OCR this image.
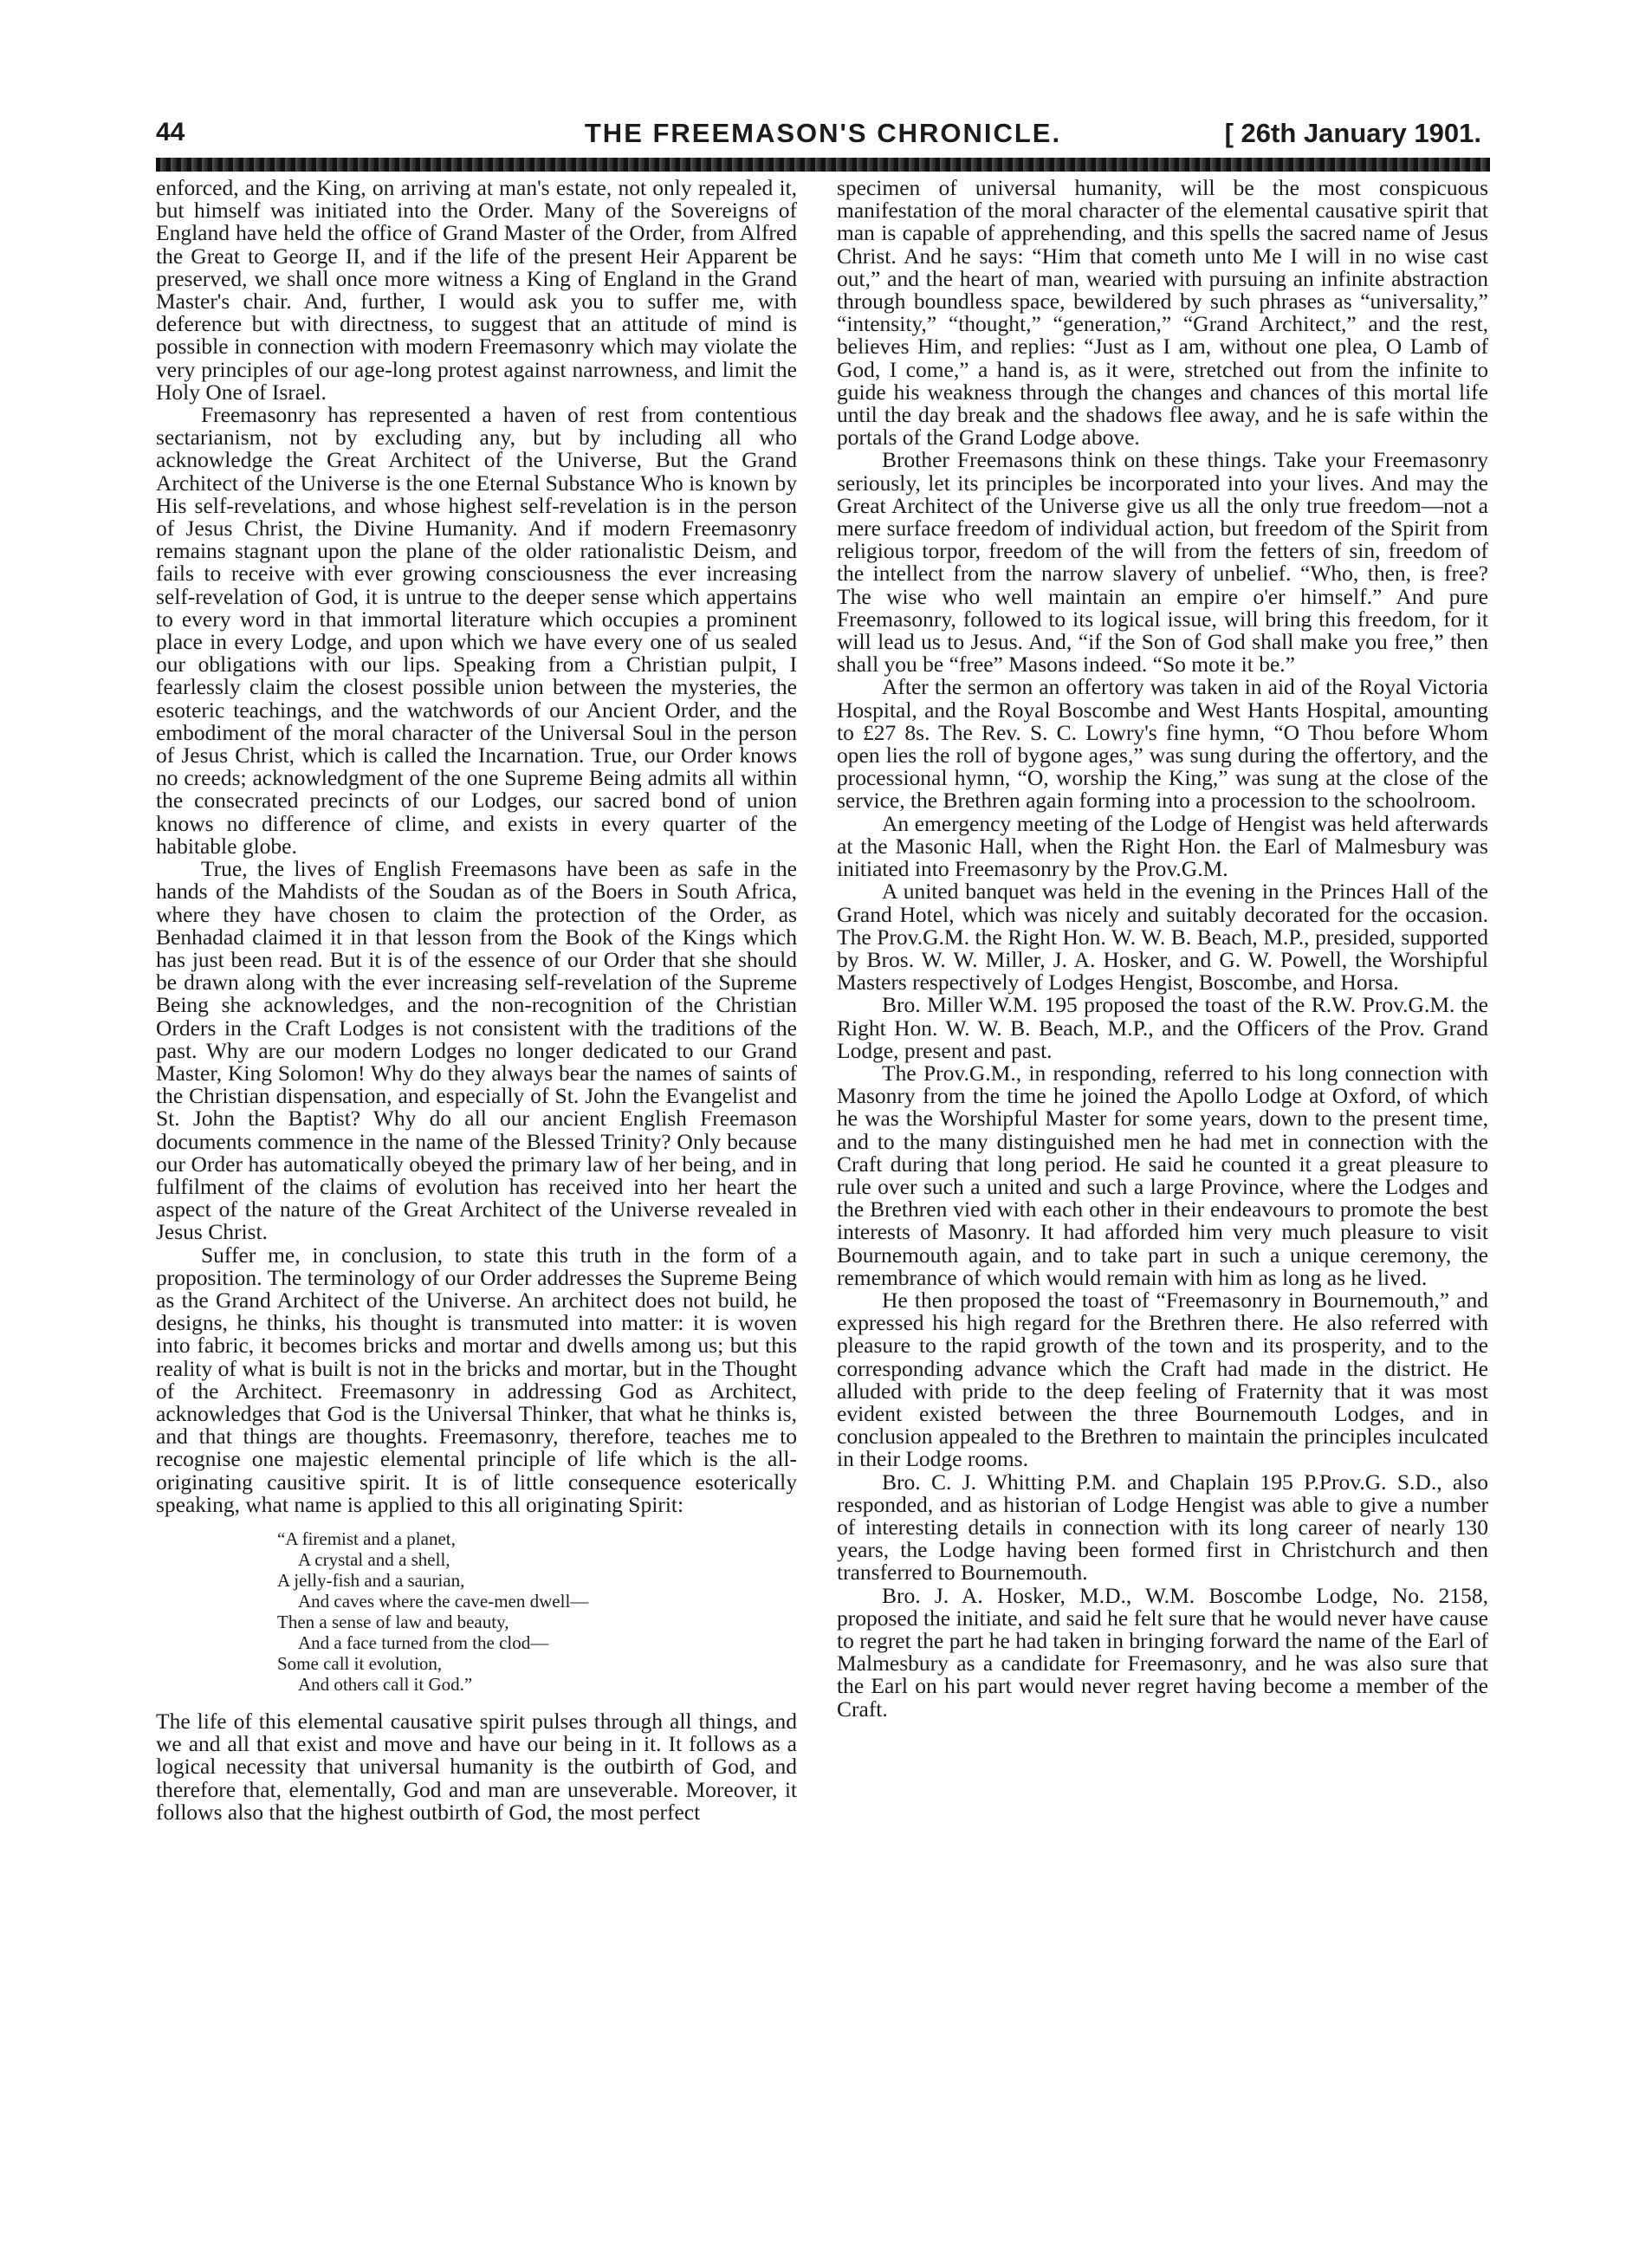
44	THE FREEMASON'S CHRONICLE.	[ 26th January 1901.

enforced, and the King, on arriving at man's estate, not only repealed it, but himself was initiated into the Order. Many of the Sovereigns of England have held the office of Grand Master of the Order, from Alfred the Great to George II, and if the life of the present Heir Apparent be preserved, we shall once more witness a King of England in the Grand Master's chair. And, further, I would ask you to suffer me, with deference but with directness, to suggest that an attitude of mind is possible in connection with modern Freemasonry which may violate the very principles of our age-long protest against narrowness, and limit the Holy One of Israel.

Freemasonry has represented a haven of rest from contentious sectarianism, not by excluding any, but by including all who acknowledge the Great Architect of the Universe, But the Grand Architect of the Universe is the one Eternal Substance Who is known by His self-revelations, and whose highest self-revelation is in the person of Jesus Christ, the Divine Humanity. And if modern Freemasonry remains stagnant upon the plane of the older rationalistic Deism, and fails to receive with ever growing consciousness the ever increasing self-revelation of God, it is untrue to the deeper sense which appertains to every word in that immortal literature which occupies a prominent place in every Lodge, and upon which we have every one of us sealed our obligations with our lips. Speaking from a Christian pulpit, I fearlessly claim the closest possible union between the mysteries, the esoteric teachings, and the watchwords of our Ancient Order, and the embodiment of the moral character of the Universal Soul in the person of Jesus Christ, which is called the Incarnation. True, our Order knows no creeds; acknowledgment of the one Supreme Being admits all within the consecrated precincts of our Lodges, our sacred bond of union knows no difference of clime, and exists in every quarter of the habitable globe.

True, the lives of English Freemasons have been as safe in the hands of the Mahdists of the Soudan as of the Boers in South Africa, where they have chosen to claim the protection of the Order, as Benhadad claimed it in that lesson from the Book of the Kings which has just been read. But it is of the essence of our Order that she should be drawn along with the ever increasing self-revelation of the Supreme Being she acknowledges, and the non-recognition of the Christian Orders in the Craft Lodges is not consistent with the traditions of the past. Why are our modern Lodges no longer dedicated to our Grand Master, King Solomon! Why do they always bear the names of saints of the Christian dispensation, and especially of St. John the Evangelist and St. John the Baptist? Why do all our ancient English Freemason documents commence in the name of the Blessed Trinity? Only because our Order has automatically obeyed the primary law of her being, and in fulfilment of the claims of evolution has received into her heart the aspect of the nature of the Great Architect of the Universe revealed in Jesus Christ.

Suffer me, in conclusion, to state this truth in the form of a proposition. The terminology of our Order addresses the Supreme Being as the Grand Architect of the Universe. An architect does not build, he designs, he thinks, his thought is transmuted into matter: it is woven into fabric, it becomes bricks and mortar and dwells among us; but this reality of what is built is not in the bricks and mortar, but in the Thought of the Architect. Freemasonry in addressing God as Architect, acknowledges that God is the Universal Thinker, that what he thinks is, and that things are thoughts. Freemasonry, therefore, teaches me to recognise one majestic elemental principle of life which is the all-originating causitive spirit. It is of little consequence esoterically speaking, what name is applied to this all originating Spirit:

“A firemist and a planet,
A crystal and a shell,
A jelly-fish and a saurian,
And caves where the cave-men dwell—
Then a sense of law and beauty,
And a face turned from the clod—
Some call it evolution,
And others call it God.”

The life of this elemental causative spirit pulses through all things, and we and all that exist and move and have our being in it. It follows as a logical necessity that universal humanity is the outbirth of God, and therefore that, elementally, God and man are unseverable. Moreover, it follows also that the highest outbirth of God, the most perfect

specimen of universal humanity, will be the most conspicuous manifestation of the moral character of the elemental causative spirit that man is capable of apprehending, and this spells the sacred name of Jesus Christ. And he says: “Him that cometh unto Me I will in no wise cast out,” and the heart of man, wearied with pursuing an infinite abstraction through boundless space, bewildered by such phrases as “universality,” “intensity,” “thought,” “generation,” “Grand Architect,” and the rest, believes Him, and replies: “Just as I am, without one plea, O Lamb of God, I come,” a hand is, as it were, stretched out from the infinite to guide his weakness through the changes and chances of this mortal life until the day break and the shadows flee away, and he is safe within the portals of the Grand Lodge above.

Brother Freemasons think on these things. Take your Freemasonry seriously, let its principles be incorporated into your lives. And may the Great Architect of the Universe give us all the only true freedom—not a mere surface freedom of individual action, but freedom of the Spirit from religious torpor, freedom of the will from the fetters of sin, freedom of the intellect from the narrow slavery of unbelief. “Who, then, is free? The wise who well maintain an empire o'er himself.” And pure Freemasonry, followed to its logical issue, will bring this freedom, for it will lead us to Jesus. And, “if the Son of God shall make you free,” then shall you be “free” Masons indeed. “So mote it be.”

After the sermon an offertory was taken in aid of the Royal Victoria Hospital, and the Royal Boscombe and West Hants Hospital, amounting to £27 8s. The Rev. S. C. Lowry's fine hymn, “O Thou before Whom open lies the roll of bygone ages,” was sung during the offertory, and the processional hymn, “O, worship the King,” was sung at the close of the service, the Brethren again forming into a procession to the schoolroom.

An emergency meeting of the Lodge of Hengist was held afterwards at the Masonic Hall, when the Right Hon. the Earl of Malmesbury was initiated into Freemasonry by the Prov.G.M.

A united banquet was held in the evening in the Princes Hall of the Grand Hotel, which was nicely and suitably decorated for the occasion. The Prov.G.M. the Right Hon. W. W. B. Beach, M.P., presided, supported by Bros. W. W. Miller, J. A. Hosker, and G. W. Powell, the Worshipful Masters respectively of Lodges Hengist, Boscombe, and Horsa.

Bro. Miller W.M. 195 proposed the toast of the R.W. Prov.G.M. the Right Hon. W. W. B. Beach, M.P., and the Officers of the Prov. Grand Lodge, present and past.

The Prov.G.M., in responding, referred to his long connection with Masonry from the time he joined the Apollo Lodge at Oxford, of which he was the Worshipful Master for some years, down to the present time, and to the many distinguished men he had met in connection with the Craft during that long period. He said he counted it a great pleasure to rule over such a united and such a large Province, where the Lodges and the Brethren vied with each other in their endeavours to promote the best interests of Masonry. It had afforded him very much pleasure to visit Bournemouth again, and to take part in such a unique ceremony, the remembrance of which would remain with him as long as he lived.

He then proposed the toast of “Freemasonry in Bournemouth,” and expressed his high regard for the Brethren there. He also referred with pleasure to the rapid growth of the town and its prosperity, and to the corresponding advance which the Craft had made in the district. He alluded with pride to the deep feeling of Fraternity that it was most evident existed between the three Bournemouth Lodges, and in conclusion appealed to the Brethren to maintain the principles inculcated in their Lodge rooms.

Bro. C. J. Whitting P.M. and Chaplain 195 P.Prov.G. S.D., also responded, and as historian of Lodge Hengist was able to give a number of interesting details in connection with its long career of nearly 130 years, the Lodge having been formed first in Christchurch and then transferred to Bournemouth.

Bro. J. A. Hosker, M.D., W.M. Boscombe Lodge, No. 2158, proposed the initiate, and said he felt sure that he would never have cause to regret the part he had taken in bringing forward the name of the Earl of Malmesbury as a candidate for Freemasonry, and he was also sure that the Earl on his part would never regret having become a member of the Craft.
